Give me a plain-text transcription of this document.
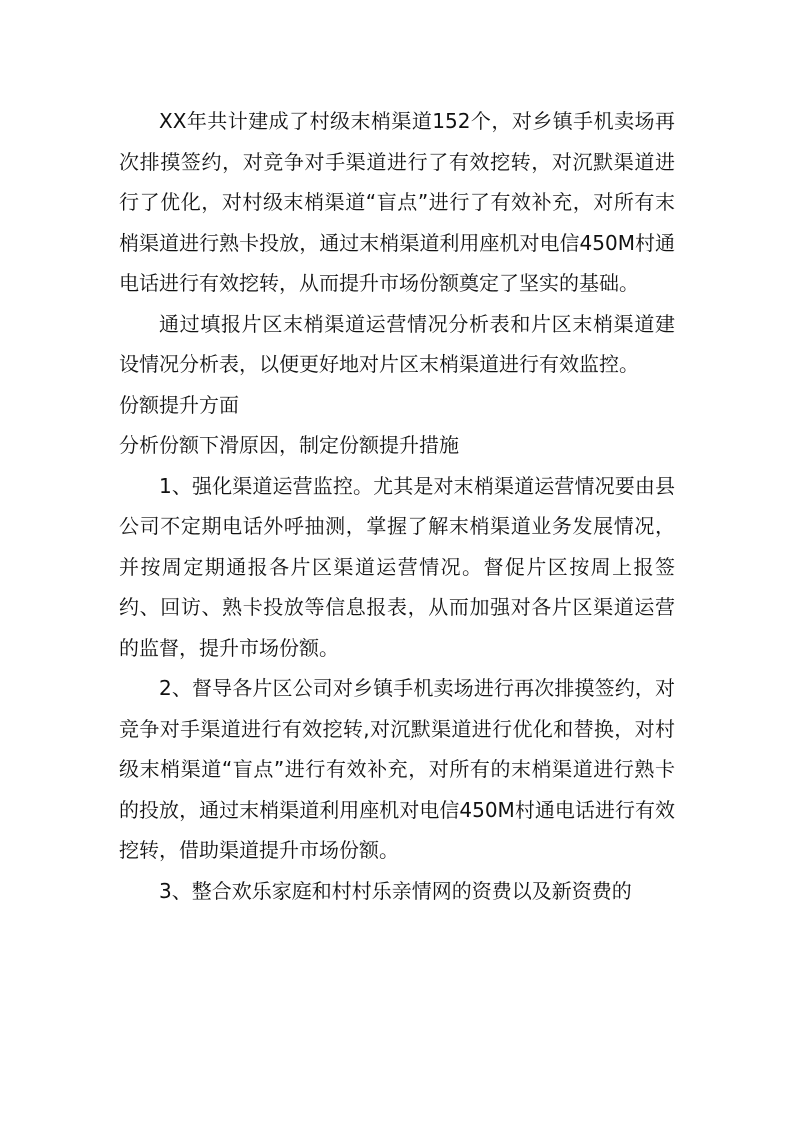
XX年共计建成了村级末梢渠道152个，对乡镇手机卖场再次排摸签约，对竞争对手渠道进行了有效挖转，对沉默渠道进行了优化，对村级末梢渠道“盲点”进行了有效补充，对所有末梢渠道进行熟卡投放，通过末梢渠道利用座机对电信450M村通电话进行有效挖转，从而提升市场份额奠定了坚实的基础。

通过填报片区末梢渠道运营情况分析表和片区末梢渠道建设情况分析表，以便更好地对片区末梢渠道进行有效监控。

份额提升方面

分析份额下滑原因，制定份额提升措施

1、强化渠道运营监控。尤其是对末梢渠道运营情况要由县公司不定期电话外呼抽测，掌握了解末梢渠道业务发展情况，并按周定期通报各片区渠道运营情况。督促片区按周上报签约、回访、熟卡投放等信息报表，从而加强对各片区渠道运营的监督，提升市场份额。

2、督导各片区公司对乡镇手机卖场进行再次排摸签约，对竞争对手渠道进行有效挖转,对沉默渠道进行优化和替换，对村级末梢渠道“盲点”进行有效补充，对所有的末梢渠道进行熟卡的投放，通过末梢渠道利用座机对电信450M村通电话进行有效挖转，借助渠道提升市场份额。

3、整合欢乐家庭和村村乐亲情网的资费以及新资费的
